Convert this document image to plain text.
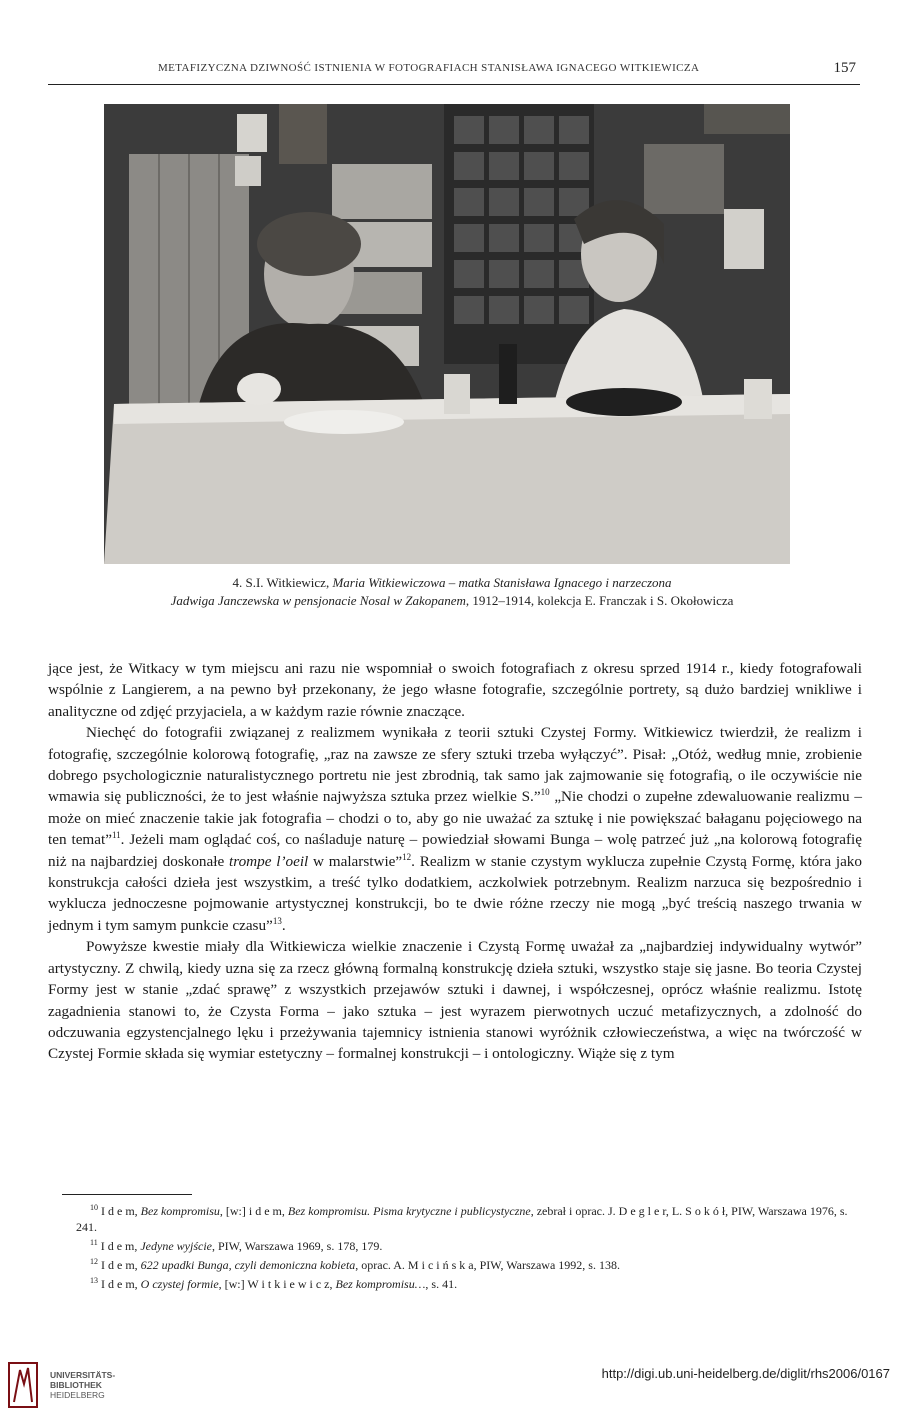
METAFIZYCZNA DZIWNOŚĆ ISTNIENIA W FOTOGRAFIACH STANISŁAWA IGNACEGO WITKIEWICZA	157
4. S.I. Witkiewicz, Maria Witkiewiczowa – matka Stanisława Ignacego i narzeczona
Jadwiga Janczewska w pensjonacie Nosal w Zakopanem, 1912–1914, kolekcja E. Franczak i S. Okołowicza

jące jest, że Witkacy w tym miejscu ani razu nie wspomniał o swoich fotografiach z okresu sprzed 1914 r., kiedy fotografowali wspólnie z Langierem, a na pewno był przekonany, że jego własne fotografie, szczególnie portrety, są dużo bardziej wnikliwe i analityczne od zdjęć przyjaciela, a w każdym razie równie znaczące.

Niechęć do fotografii związanej z realizmem wynikała z teorii sztuki Czystej Formy. Witkiewicz twierdził, że realizm i fotografię, szczególnie kolorową fotografię, „raz na zawsze ze sfery sztuki trzeba wyłączyć”. Pisał: „Otóż, według mnie, zrobienie dobrego psychologicznie naturalistycznego portretu nie jest zbrodnią, tak samo jak zajmowanie się fotografią, o ile oczywiście nie wmawia się publiczności, że to jest właśnie najwyższa sztuka przez wielkie S.”$^{10}$ „Nie chodzi o zupełne zdewaluowanie realizmu – może on mieć znaczenie takie jak fotografia – chodzi o to, aby go nie uważać za sztukę i nie powiększać bałaganu pojęciowego na ten temat”$^{11}$. Jeżeli mam oglądać coś, co naśladuje naturę – powiedział słowami Bunga – wolę patrzeć już „na kolorową fotografię niż na najbardziej doskonałe trompe l’oeil w malarstwie”$^{12}$. Realizm w stanie czystym wyklucza zupełnie Czystą Formę, która jako konstrukcja całości dzieła jest wszystkim, a treść tylko dodatkiem, aczkolwiek potrzebnym. Realizm narzuca się bezpośrednio i wyklucza jednoczesne pojmowanie artystycznej konstrukcji, bo te dwie różne rzeczy nie mogą „być treścią naszego trwania w jednym i tym samym punkcie czasu”$^{13}$.

Powyższe kwestie miały dla Witkiewicza wielkie znaczenie i Czystą Formę uważał za „najbardziej indywidualny wytwór” artystyczny. Z chwilą, kiedy uzna się za rzecz główną formalną konstrukcję dzieła sztuki, wszystko staje się jasne. Bo teoria Czystej Formy jest w stanie „zdać sprawę” z wszystkich przejawów sztuki i dawnej, i współczesnej, oprócz właśnie realizmu. Istotę zagadnienia stanowi to, że Czysta Forma – jako sztuka – jest wyrazem pierwotnych uczuć metafizycznych, a zdolność do odczuwania egzystencjalnego lęku i przeżywania tajemnicy istnienia stanowi wyróżnik człowieczeństwa, a więc na twórczość w Czystej Formie składa się wymiar estetyczny – formalnej konstrukcji – i ontologiczny. Wiąże się z tym

$^{10}$ I d e m, Bez kompromisu, [w:] i d e m, Bez kompromisu. Pisma krytyczne i publicystyczne, zebrał i oprac. J. D e g l e r, L. S o k ó ł, PIW, Warszawa 1976, s. 241.

$^{11}$ I d e m, Jedyne wyjście, PIW, Warszawa 1969, s. 178, 179.

$^{12}$ I d e m, 622 upadki Bunga, czyli demoniczna kobieta, oprac. A. M i c i ń s k a, PIW, Warszawa 1992, s. 138.

$^{13}$ I d e m, O czystej formie, [w:] W i t k i e w i c z, Bez kompromisu…, s. 41.

UNIVERSITÄTS-
BIBLIOTHEK
HEIDELBERG
http://digi.ub.uni-heidelberg.de/diglit/rhs2006/0167
